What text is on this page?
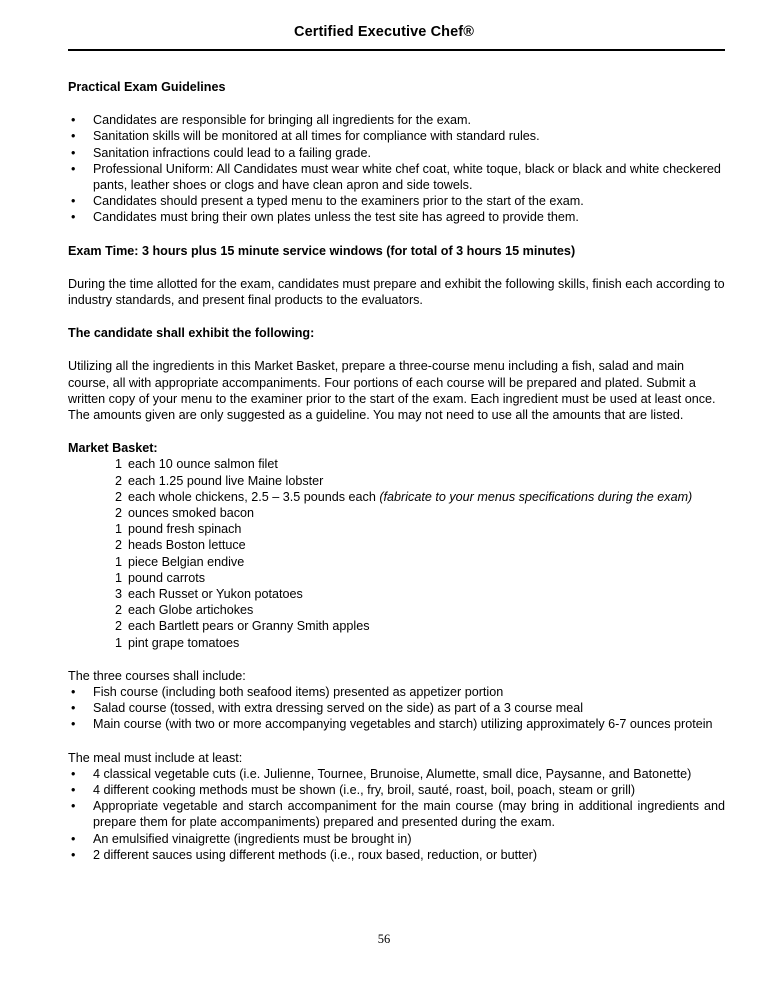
Certified Executive Chef®
Practical Exam Guidelines
• Candidates are responsible for bringing all ingredients for the exam.
• Sanitation skills will be monitored at all times for compliance with standard rules.
• Sanitation infractions could lead to a failing grade.
• Professional Uniform: All Candidates must wear white chef coat, white toque, black or black and white checkered pants, leather shoes or clogs and have clean apron and side towels.
• Candidates should present a typed menu to the examiners prior to the start of the exam.
• Candidates must bring their own plates unless the test site has agreed to provide them.
Exam Time: 3 hours plus 15 minute service windows (for total of 3 hours 15 minutes)

During the time allotted for the exam, candidates must prepare and exhibit the following skills, finish each according to industry standards, and present final products to the evaluators.

The candidate shall exhibit the following:

Utilizing all the ingredients in this Market Basket, prepare a three-course menu including a fish, salad and main course, all with appropriate accompaniments. Four portions of each course will be prepared and plated. Submit a written copy of your menu to the examiner prior to the start of the exam. Each ingredient must be used at least once. The amounts given are only suggested as a guideline. You may not need to use all the amounts that are listed.

Market Basket:
1 each 10 ounce salmon filet
2 each 1.25 pound live Maine lobster
2 each whole chickens, 2.5 – 3.5 pounds each (fabricate to your menus specifications during the exam)
2 ounces smoked bacon
1 pound fresh spinach
2 heads Boston lettuce
1 piece Belgian endive
1 pound carrots
3 each Russet or Yukon potatoes
2 each Globe artichokes
2 each Bartlett pears or Granny Smith apples
1 pint grape tomatoes

The three courses shall include:

• Fish course (including both seafood items) presented as appetizer portion
• Salad course (tossed, with extra dressing served on the side) as part of a 3 course meal
• Main course (with two or more accompanying vegetables and starch) utilizing approximately 6-7 ounces protein

The meal must include at least:

• 4 classical vegetable cuts (i.e. Julienne, Tournee, Brunoise, Alumette, small dice, Paysanne, and Batonette)
• 4 different cooking methods must be shown (i.e., fry, broil, sauté, roast, boil, poach, steam or grill)
• Appropriate vegetable and starch accompaniment for the main course (may bring in additional ingredients and prepare them for plate accompaniments) prepared and presented during the exam.
• An emulsified vinaigrette (ingredients must be brought in)
• 2 different sauces using different methods (i.e., roux based, reduction, or butter)
56
